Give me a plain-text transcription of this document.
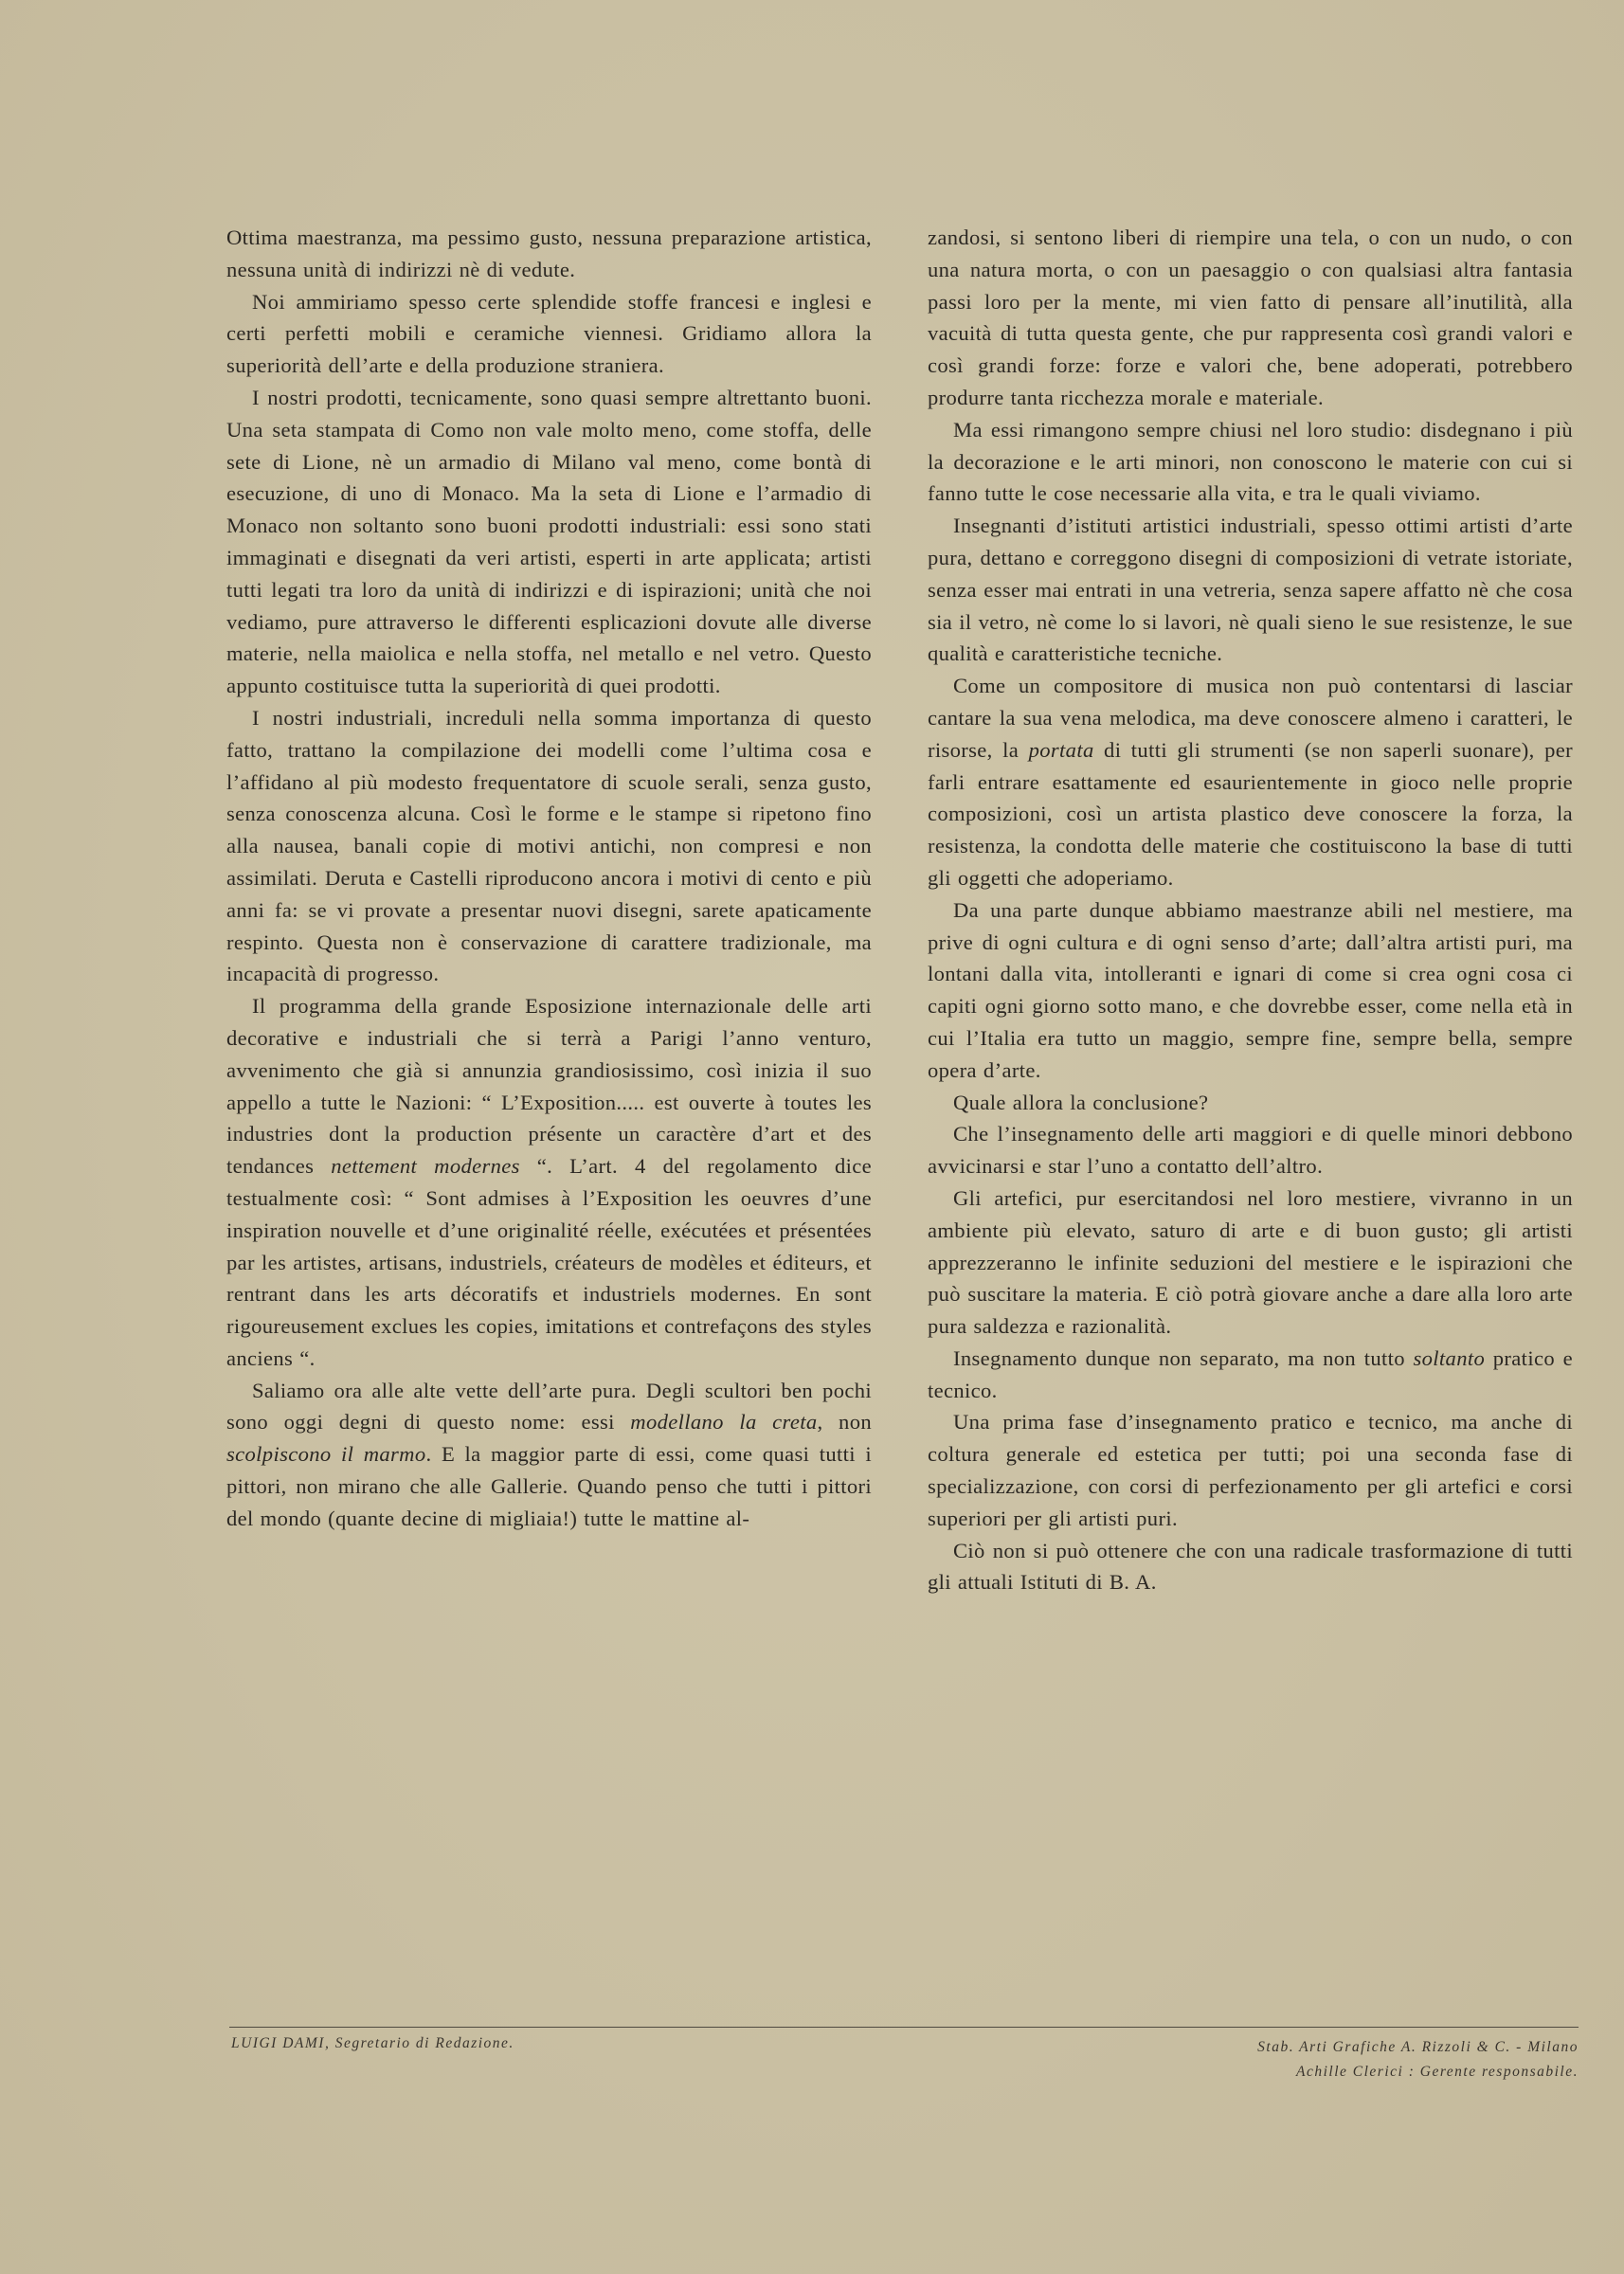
Ottima maestranza, ma pessimo gusto, nessuna preparazione artistica, nessuna unità di indirizzi nè di vedute.

Noi ammiriamo spesso certe splendide stoffe francesi e inglesi e certi perfetti mobili e ceramiche viennesi. Gridiamo allora la superiorità dell’arte e della produzione straniera.

I nostri prodotti, tecnicamente, sono quasi sempre altrettanto buoni. Una seta stampata di Como non vale molto meno, come stoffa, delle sete di Lione, nè un armadio di Milano val meno, come bontà di esecuzione, di uno di Monaco. Ma la seta di Lione e l’armadio di Monaco non soltanto sono buoni prodotti industriali: essi sono stati immaginati e disegnati da veri artisti, esperti in arte applicata; artisti tutti legati tra loro da unità di indirizzi e di ispirazioni; unità che noi vediamo, pure attraverso le differenti esplicazioni dovute alle diverse materie, nella maiolica e nella stoffa, nel metallo e nel vetro. Questo appunto costituisce tutta la superiorità di quei prodotti.

I nostri industriali, increduli nella somma importanza di questo fatto, trattano la compilazione dei modelli come l’ultima cosa e l’affidano al più modesto frequentatore di scuole serali, senza gusto, senza conoscenza alcuna. Così le forme e le stampe si ripetono fino alla nausea, banali copie di motivi antichi, non compresi e non assimilati. Deruta e Castelli riproducono ancora i motivi di cento e più anni fa: se vi provate a presentar nuovi disegni, sarete apaticamente respinto. Questa non è conservazione di carattere tradizionale, ma incapacità di progresso.

Il programma della grande Esposizione internazionale delle arti decorative e industriali che si terrà a Parigi l’anno venturo, avvenimento che già si annunzia grandiosissimo, così inizia il suo appello a tutte le Nazioni: “ L’Exposition..... est ouverte à toutes les industries dont la production présente un caractère d’art et des tendances nettement modernes “. L’art. 4 del regolamento dice testualmente così: “ Sont admises à l’Exposition les oeuvres d’une inspiration nouvelle et d’une originalité réelle, exécutées et présentées par les artistes, artisans, industriels, créateurs de modèles et éditeurs, et rentrant dans les arts décoratifs et industriels modernes. En sont rigoureusement exclues les copies, imitations et contrefaçons des styles anciens “.

Saliamo ora alle alte vette dell’arte pura. Degli scultori ben pochi sono oggi degni di questo nome: essi modellano la creta, non scolpiscono il marmo. E la maggior parte di essi, come quasi tutti i pittori, non mirano che alle Gallerie. Quando penso che tutti i pittori del mondo (quante decine di migliaia!) tutte le mattine al-

zandosi, si sentono liberi di riempire una tela, o con un nudo, o con una natura morta, o con un paesaggio o con qualsiasi altra fantasia passi loro per la mente, mi vien fatto di pensare all’inutilità, alla vacuità di tutta questa gente, che pur rappresenta così grandi valori e così grandi forze: forze e valori che, bene adoperati, potrebbero produrre tanta ricchezza morale e materiale.

Ma essi rimangono sempre chiusi nel loro studio: disdegnano i più la decorazione e le arti minori, non conoscono le materie con cui si fanno tutte le cose necessarie alla vita, e tra le quali viviamo.

Insegnanti d’istituti artistici industriali, spesso ottimi artisti d’arte pura, dettano e correggono disegni di composizioni di vetrate istoriate, senza esser mai entrati in una vetreria, senza sapere affatto nè che cosa sia il vetro, nè come lo si lavori, nè quali sieno le sue resistenze, le sue qualità e caratteristiche tecniche.

Come un compositore di musica non può contentarsi di lasciar cantare la sua vena melodica, ma deve conoscere almeno i caratteri, le risorse, la portata di tutti gli strumenti (se non saperli suonare), per farli entrare esattamente ed esaurientemente in gioco nelle proprie composizioni, così un artista plastico deve conoscere la forza, la resistenza, la condotta delle materie che costituiscono la base di tutti gli oggetti che adoperiamo.

Da una parte dunque abbiamo maestranze abili nel mestiere, ma prive di ogni cultura e di ogni senso d’arte; dall’altra artisti puri, ma lontani dalla vita, intolleranti e ignari di come si crea ogni cosa ci capiti ogni giorno sotto mano, e che dovrebbe esser, come nella età in cui l’Italia era tutto un maggio, sempre fine, sempre bella, sempre opera d’arte.

Quale allora la conclusione?

Che l’insegnamento delle arti maggiori e di quelle minori debbono avvicinarsi e star l’uno a contatto dell’altro.

Gli artefici, pur esercitandosi nel loro mestiere, vivranno in un ambiente più elevato, saturo di arte e di buon gusto; gli artisti apprezzeranno le infinite seduzioni del mestiere e le ispirazioni che può suscitare la materia. E ciò potrà giovare anche a dare alla loro arte pura saldezza e razionalità.

Insegnamento dunque non separato, ma non tutto soltanto pratico e tecnico.

Una prima fase d’insegnamento pratico e tecnico, ma anche di coltura generale ed estetica per tutti; poi una seconda fase di specializzazione, con corsi di perfezionamento per gli artefici e corsi superiori per gli artisti puri.

Ciò non si può ottenere che con una radicale trasformazione di tutti gli attuali Istituti di B. A.

LUIGI DAMI, Segretario di Redazione.	Stab. Arti Grafiche A. Rizzoli & C. - Milano
Achille Clerici : Gerente responsabile.
